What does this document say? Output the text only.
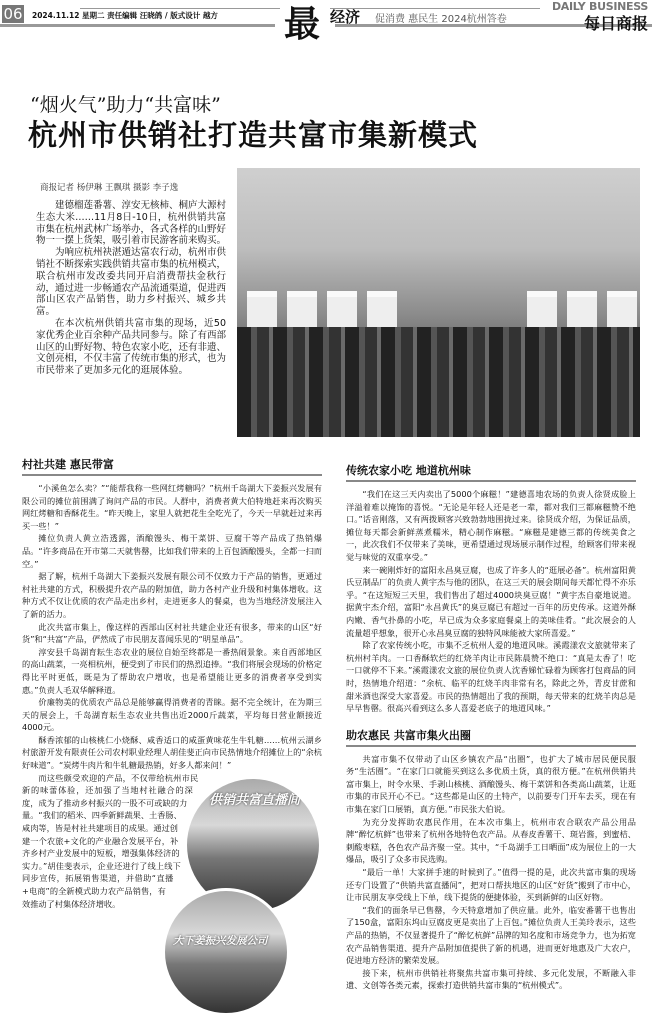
06 2024.11.12 星期二 责任编辑 汪晓鸽 / 版式设计 越方 最 经济 促消费 惠民生 2024杭州答卷
DAILY BUSINESS
每日商报
“烟火气”助力“共富味”
杭州市供销社打造共富市集新模式
商报记者 杨伊琳 王飘琪 摄影 李子逸

建德榴莲番薯、淳安无核柿、桐庐大源村生态大米……11月8日-10日，杭州供销共富市集在杭州武林广场举办，各式各样的山野好物一一摆上货架，吸引着市民游客前来购买。

为响应杭州袂湛遁达富农行动，杭州市供销社不断探索实践供销共富市集的杭州模式，联合杭州市发改委共同开启消费帮扶金秋行动，通过进一步畅通农产品流通渠道，促进西部山区农产品销售，助力乡村振兴、城乡共富。

在本次杭州供销共富市集的现场，近50家优秀企业百余种产品共同参与。除了有西部山区的山野好物、特色农家小吃，还有非遗、文创亮相，不仅丰富了传统市集的形式，也为市民带来了更加多元化的逛展体验。

村社共建 惠民带富

“小溪鱼怎么卖？”“能帮我称一些网红烤糖吗？”杭州千岛湖大下姜振兴发展有限公司的摊位前围满了询问产品的市民。人群中，消费者黄大伯特地赶来再次购买网红烤糖和香酥花生。“昨天晚上，家里人就把花生全吃光了，今天一早就赶过来再买一些！”

摊位负责人黄立浩透露，酒酿馒头、梅干菜饼、豆腐干等产品成了热销爆品。“许多商品在开市第二天就售罄，比如我们带来的上百包酒酿馒头，全都一扫而空。”

据了解，杭州千岛湖大下姜振兴发展有限公司不仅致力于产品的销售，更通过村社共建的方式，积极提升农产品的附加值，助力各村产业升级和村集体增收。这种方式不仅让优质的农产品走出乡村，走进更多人的餐桌，也为当地经济发展注入了新的活力。

此次共富市集上，像这样的西部山区村社共建企业还有很多，带来的山区“好货”和“共富”产品，俨然成了市民朋友喜闻乐见的“明星单品”。

淳安县千岛湖育耘生态农业的展位自始至终都是一番热闹景象。来自西部地区的高山蔬菜，一亮相杭州，便受到了市民们的热烈追捧。“我们将展会现场的价格定得比平时更低，既是为了帮助农户增收，也是希望能让更多的消费者享受到实惠。”负责人毛双华解释道。

价廉物美的优质农产品总是能够赢得消费者的青睐。据不完全统计，在为期三天的展会上，千岛湖育耘生态农业共售出近2000斤蔬菜，平均每日营业额接近4000元。

酥香浓郁的山核桃仁小烧酥、咸香适口的咸蛋黄味花生牛轧糖……杭州云湖乡村旅游开发有限责任公司农村职业经理人胡佳斐正向市民热情地介绍摊位上的“余杭好味道”。“炭烤牛肉片和牛轧糖最热销，好多人都来问！”

供销共富直播间
大下姜振兴发展公司

而这些颇受欢迎的产品，不仅带给杭州市民新的味蕾体验，还加强了当地村社融合的深度，成为了推动乡村振兴的一股不可或缺的力量。“我们的稻米、四季新鲜蔬果、土香肠、咸肉等，皆是村社共建项目的成果。通过创建一个农旅+文化的产业融合发展平台，补齐乡村产业发展中的短板，增强集体经济的实力。”胡佳斐表示，企业还进行了线上线下同步宣传，拓展销售渠道，并借助“直播+电商”的全新模式助力农产品销售，有效推动了村集体经济增收。

传统农家小吃 地道杭州味

“我们在这三天内卖出了5000个麻糍！”建德喜地农场的负责人徐贤成脸上洋溢着难以掩饰的喜悦。“无论是年轻人还是老一辈，都对我们三都麻糍赞不绝口。”话音刚落，又有两拨顾客兴致勃勃地围拢过来。徐贤成介绍，为保证品质，摊位每天都会新鲜蒸煮糯米，精心制作麻糍。“麻糍是建德三都的传统美食之一，此次我们不仅带来了美味，更希望通过现场展示制作过程，给顾客们带来视觉与味觉的双重享受。”

来一碗刚炸好的富阳永昌臭豆腐，也成了许多人的“逛展必备”。杭州富阳黄氏豆制品厂的负责人黄宇杰与他的团队，在这三天的展会期间每天都忙得不亦乐乎。“在这短短三天里，我们售出了超过4000块臭豆腐！”黄宇杰自豪地说道。据黄宇杰介绍，富阳“永昌黄氏”的臭豆腐已有超过一百年的历史传承。这道外酥内嫩、香气扑鼻的小吃，早已成为众多家庭餐桌上的美味佳肴。“此次展会的人流量超乎想象，很开心永昌臭豆腐的独特风味能被大家所喜爱。”

除了农家传统小吃，市集不乏杭州人爱的地道风味。溪霞漾农文旅就带来了杭州村羊肉。一口香酥软烂的红烧羊肉让市民陈晨赞不绝口：“真是太香了！吃一口就停不下来。”溪霞漾农文旅的展位负责人沈香娣忙碌着为顾客打包商品的同时，热情地介绍道：“余杭、临平的红烧羊肉非常有名，除此之外，青皮甘蔗和甜米酒也深受大家喜爱。市民的热情超出了我的预期，每天带来的红烧羊肉总是早早售罄。很高兴看到这么多人喜爱老底子的地道风味。”

助农惠民 共富市集火出圈

共富市集不仅带动了山区乡镇农产品“出圈”，也扩大了城市居民便民服务“生活圈”。“在家门口就能买到这么多优质土货，真的很方便。”在杭州供销共富市集上，时令水果、手剥山核桃、酒酿馒头、梅干菜饼和各类高山蔬菜，让逛市集的市民开心不已。“这些都是山区的土特产，以前要专门开车去买，现在有市集在家门口展销，真方便。”市民张大伯说。

为充分发挥助农惠民作用，在本次市集上，杭州市农合联农产品公用品牌“醉忆杭鲜”也带来了杭州各地特色农产品。从春皮香薯干、斑岩酱，到蜜桔、刺酸枣糕，各色农产品齐聚一堂。其中，“千岛湖手工日晒面”成为展位上的一大爆品，吸引了众多市民选购。

“最后一单！大家拼手速的时候到了。”值得一提的是，此次共富市集的现场还专门设置了“供销共富直播间”，把对口帮扶地区的山区“好货”搬到了市中心，让市民朋友享受线上下单，线下提货的便捷体验，买到新鲜的山区好物。

“我们的面条早已售罄，今天特意增加了供应量。此外，临安番薯干也售出了150盒，富阳东坞山豆腐皮更是卖出了上百包。”摊位负责人王美玲表示，这些产品的热销，不仅显著提升了“醉忆杭鲜”品牌的知名度和市场竞争力，也为拓宽农产品销售渠道、提升产品附加值提供了新的机遇，进而更好地惠及广大农户，促进地方经济的繁荣发展。

接下来，杭州市供销社将聚焦共富市集可持续、多元化发展，不断融入非遗、文创等各类元素，探索打造供销共富市集的“杭州模式”。
